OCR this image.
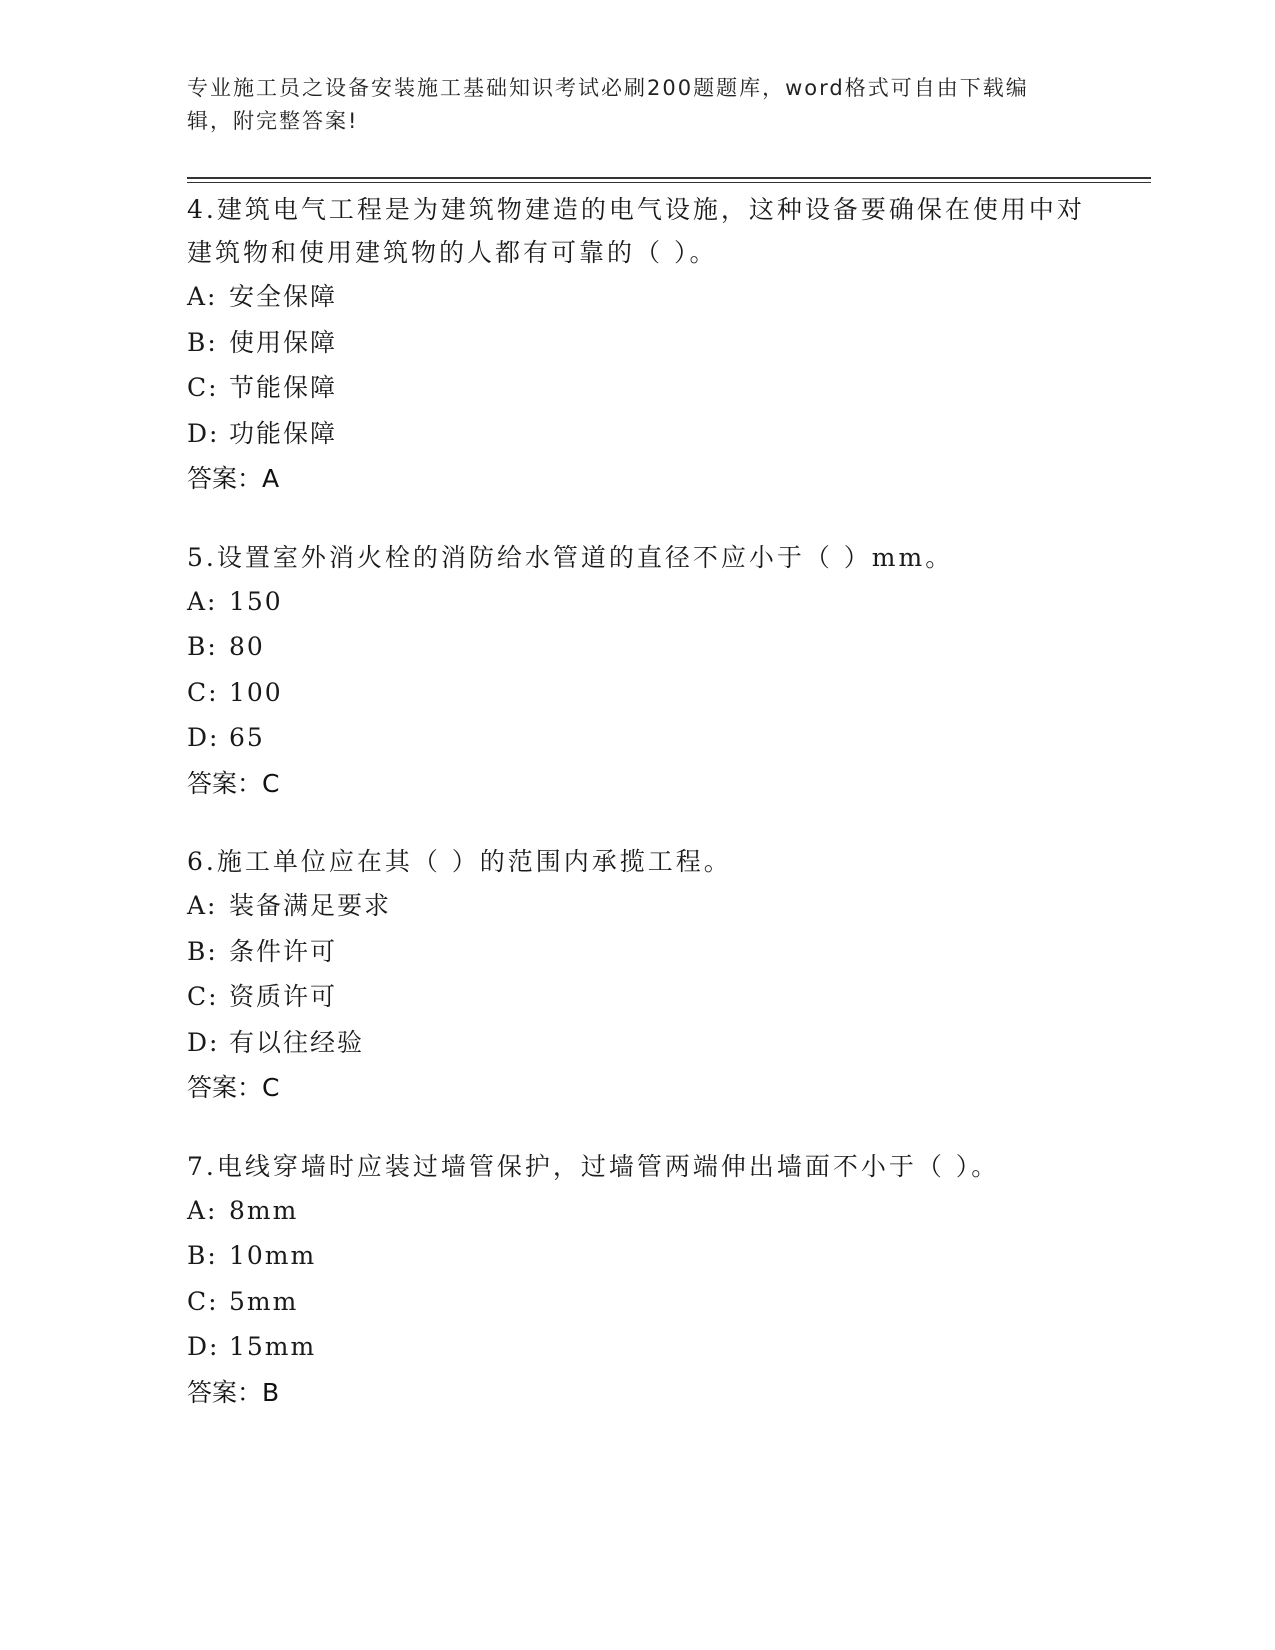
专业施工员之设备安装施工基础知识考试必刷200题题库，word格式可自由下载编辑，附完整答案!

4.建筑电气工程是为建筑物建造的电气设施，这种设备要确保在使用中对建筑物和使用建筑物的人都有可靠的（ ）。

A: 安全保障
B: 使用保障
C: 节能保障
D: 功能保障
答案：A

5.设置室外消火栓的消防给水管道的直径不应小于（ ）mm。

A: 150
B: 80
C: 100
D: 65
答案：C

6.施工单位应在其（ ）的范围内承揽工程。

A: 装备满足要求
B: 条件许可
C: 资质许可
D: 有以往经验
答案：C

7.电线穿墙时应装过墙管保护，过墙管两端伸出墙面不小于（ ）。

A: 8mm
B: 10mm
C: 5mm
D: 15mm
答案：B
